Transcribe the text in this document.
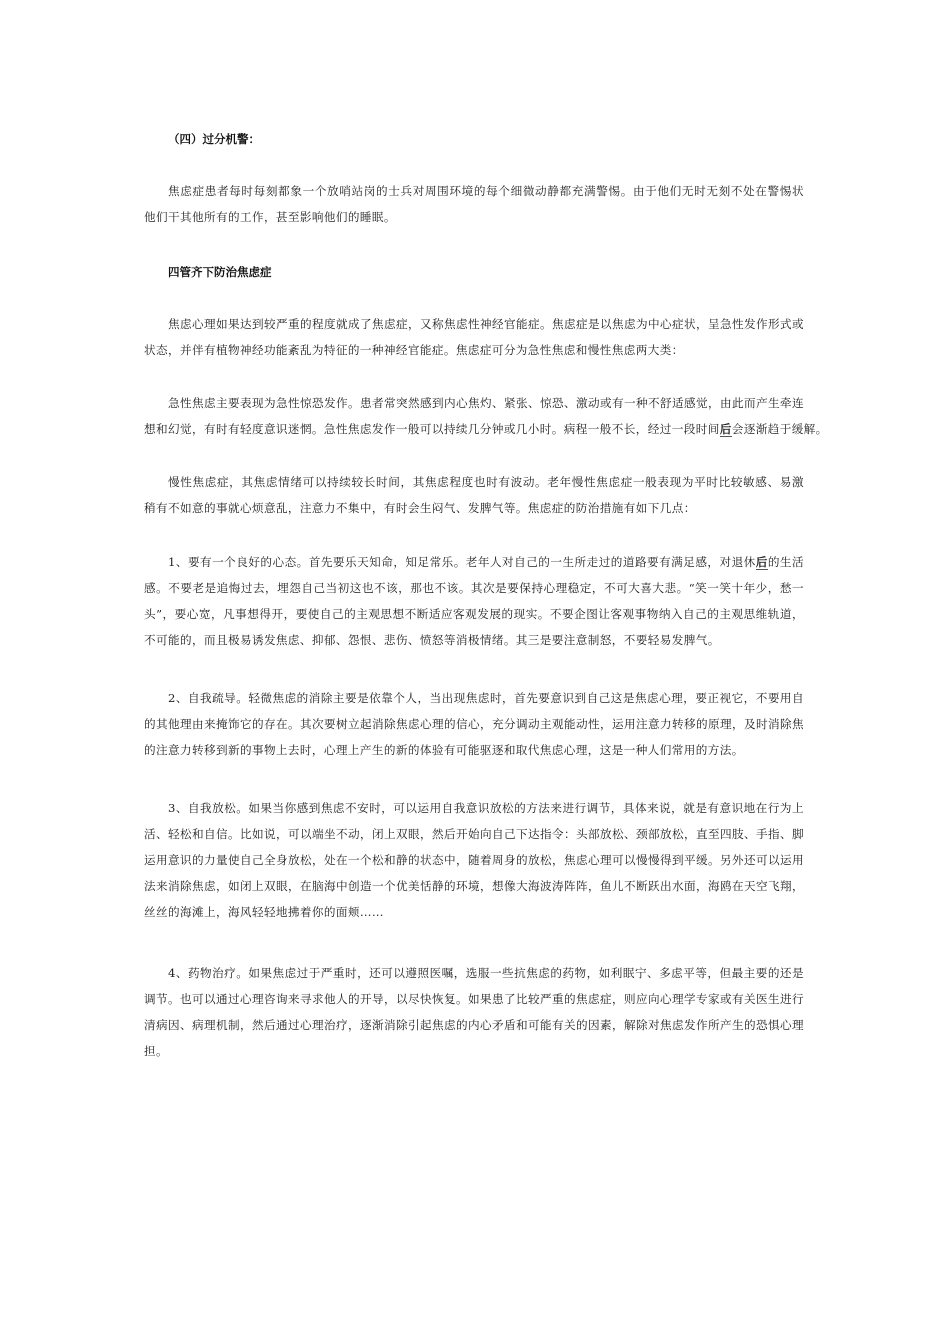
（四）过分机警：
焦虑症患者每时每刻都象一个放哨站岗的士兵对周围环境的每个细微动静都充满警惕。由于他们无时无刻不处在警惕状
他们干其他所有的工作，甚至影响他们的睡眠。
四管齐下防治焦虑症
焦虑心理如果达到较严重的程度就成了焦虑症，又称焦虑性神经官能症。焦虑症是以焦虑为中心症状，呈急性发作形式或
状态，并伴有植物神经功能紊乱为特征的一种神经官能症。焦虑症可分为急性焦虑和慢性焦虑两大类：
急性焦虑主要表现为急性惊恐发作。患者常突然感到内心焦灼、紧张、惊恐、激动或有一种不舒适感觉，由此而产生牵连
想和幻觉，有时有轻度意识迷惘。急性焦虑发作一般可以持续几分钟或几小时。病程一般不长，经过一段时间后会逐渐趋于缓解。
慢性焦虑症，其焦虑情绪可以持续较长时间，其焦虑程度也时有波动。老年慢性焦虑症一般表现为平时比较敏感、易激
稍有不如意的事就心烦意乱，注意力不集中，有时会生闷气、发脾气等。焦虑症的防治措施有如下几点：
1、要有一个良好的心态。首先要乐天知命，知足常乐。老年人对自己的一生所走过的道路要有满足感，对退休后的生活
感。不要老是追悔过去，埋怨自己当初这也不该，那也不该。其次是要保持心理稳定，不可大喜大悲。“笑一笑十年少，愁一
头”，要心宽，凡事想得开，要使自己的主观思想不断适应客观发展的现实。不要企图让客观事物纳入自己的主观思维轨道，
不可能的，而且极易诱发焦虑、抑郁、怨恨、悲伤、愤怒等消极情绪。其三是要注意制怒，不要轻易发脾气。
2、自我疏导。轻微焦虑的消除主要是依靠个人，当出现焦虑时，首先要意识到自己这是焦虑心理，要正视它，不要用自
的其他理由来掩饰它的存在。其次要树立起消除焦虑心理的信心，充分调动主观能动性，运用注意力转移的原理，及时消除焦
的注意力转移到新的事物上去时，心理上产生的新的体验有可能驱逐和取代焦虑心理，这是一种人们常用的方法。
3、自我放松。如果当你感到焦虑不安时，可以运用自我意识放松的方法来进行调节，具体来说，就是有意识地在行为上
活、轻松和自信。比如说，可以端坐不动，闭上双眼，然后开始向自己下达指令：头部放松、颈部放松，直至四肢、手指、脚
运用意识的力量使自己全身放松，处在一个松和静的状态中，随着周身的放松，焦虑心理可以慢慢得到平缓。另外还可以运用
法来消除焦虑，如闭上双眼，在脑海中创造一个优美恬静的环境，想像大海波涛阵阵，鱼儿不断跃出水面，海鸥在天空飞翔，
丝丝的海滩上，海风轻轻地拂着你的面颊……
4、药物治疗。如果焦虑过于严重时，还可以遵照医嘱，选服一些抗焦虑的药物，如利眠宁、多虑平等，但最主要的还是
调节。也可以通过心理咨询来寻求他人的开导，以尽快恢复。如果患了比较严重的焦虑症，则应向心理学专家或有关医生进行
清病因、病理机制，然后通过心理治疗，逐渐消除引起焦虑的内心矛盾和可能有关的因素，解除对焦虑发作所产生的恐惧心理
担。
